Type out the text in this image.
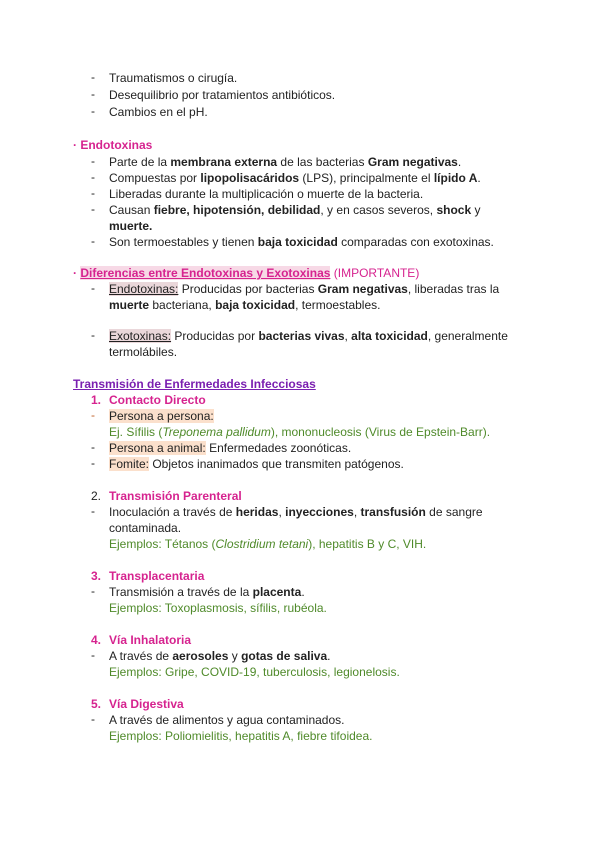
- Traumatismos o cirugía.
- Desequilibrio por tratamientos antibióticos.
- Cambios en el pH.
· Endotoxinas
- Parte de la membrana externa de las bacterias Gram negativas.
- Compuestas por lipopolisacáridos (LPS), principalmente el lípido A.
- Liberadas durante la multiplicación o muerte de la bacteria.
- Causan fiebre, hipotensión, debilidad, y en casos severos, shock y
muerte.
- Son termoestables y tienen baja toxicidad comparadas con exotoxinas.
· Diferencias entre Endotoxinas y Exotoxinas (IMPORTANTE)
- Endotoxinas: Producidas por bacterias Gram negativas, liberadas tras la
muerte bacteriana, baja toxicidad, termoestables.
- Exotoxinas: Producidas por bacterias vivas, alta toxicidad, generalmente
termolábiles.
Transmisión de Enfermedades Infecciosas
1. Contacto Directo
- Persona a persona:
Ej. Sífilis (Treponema pallidum), mononucleosis (Virus de Epstein-Barr).
- Persona a animal: Enfermedades zoonóticas.
- Fomite: Objetos inanimados que transmiten patógenos.
2. Transmisión Parenteral
- Inoculación a través de heridas, inyecciones, transfusión de sangre
contaminada.
Ejemplos: Tétanos (Clostridium tetani), hepatitis B y C, VIH.
3. Transplacentaria
- Transmisión a través de la placenta.
Ejemplos: Toxoplasmosis, sífilis, rubéola.
4. Vía Inhalatoria
- A través de aerosoles y gotas de saliva.
Ejemplos: Gripe, COVID-19, tuberculosis, legionelosis.
5. Vía Digestiva
- A través de alimentos y agua contaminados.
Ejemplos: Poliomielitis, hepatitis A, fiebre tifoidea.
